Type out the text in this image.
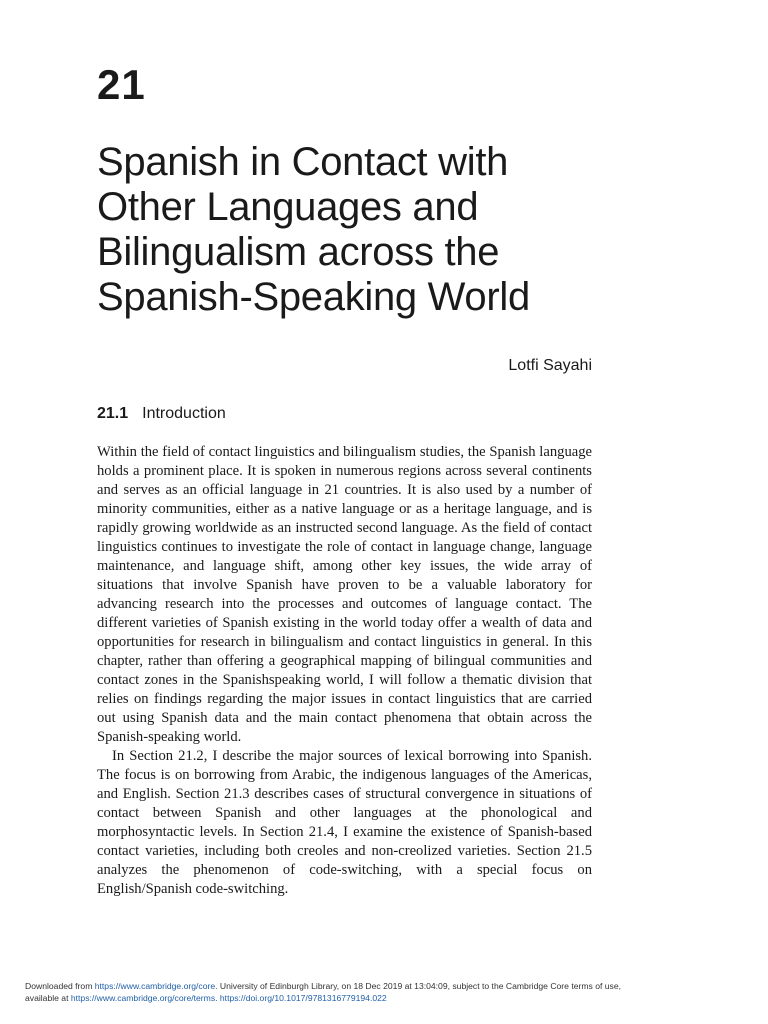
21
Spanish in Contact with
Other Languages and
Bilingualism across the
Spanish-Speaking World
Lotfi Sayahi
21.1 Introduction

Within the field of contact linguistics and bilingualism studies, the Spanish language holds a prominent place. It is spoken in numerous regions across several continents and serves as an official language in 21 countries. It is also used by a number of minority communities, either as a native language or as a heritage language, and is rapidly growing worldwide as an instructed second language. As the field of contact linguistics continues to investigate the role of contact in language change, language maintenance, and language shift, among other key issues, the wide array of situations that involve Spanish have proven to be a valuable laboratory for advancing research into the processes and outcomes of language contact. The different varieties of Spanish existing in the world today offer a wealth of data and opportunities for research in bilingualism and contact linguistics in general. In this chapter, rather than offering a geographical mapping of bilingual communities and contact zones in the Spanishspeaking world, I will follow a thematic division that relies on findings regarding the major issues in contact linguistics that are carried out using Spanish data and the main contact phenomena that obtain across the Spanish-speaking world.

In Section 21.2, I describe the major sources of lexical borrowing into Spanish. The focus is on borrowing from Arabic, the indigenous languages of the Americas, and English. Section 21.3 describes cases of structural convergence in situations of contact between Spanish and other languages at the phonological and morphosyntactic levels. In Section 21.4, I examine the existence of Spanish-based contact varieties, including both creoles and non-creolized varieties. Section 21.5 analyzes the phenomenon of code-switching, with a special focus on English/Spanish code-switching.

Downloaded from https://www.cambridge.org/core. University of Edinburgh Library, on 18 Dec 2019 at 13:04:09, subject to the Cambridge Core terms of use,
available at https://www.cambridge.org/core/terms. https://doi.org/10.1017/9781316779194.022
